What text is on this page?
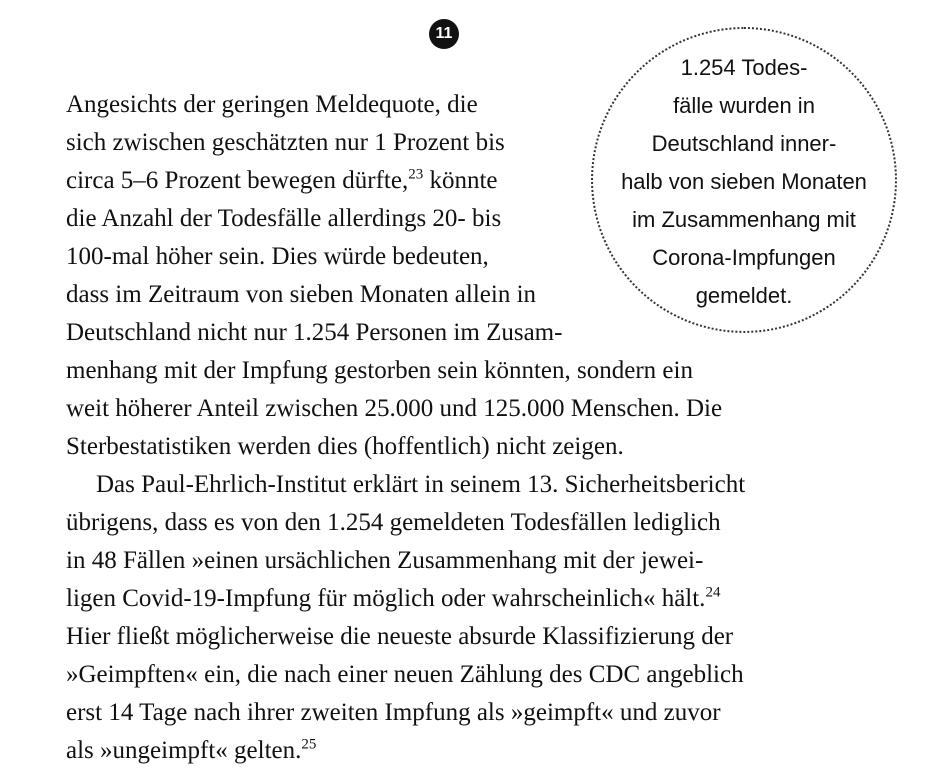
11
1.254 Todes-
fälle wurden in
Deutschland inner-
halb von sieben Monaten
im Zusammenhang mit
Corona-Impfungen
gemeldet.
Angesichts der geringen Meldequote, die
sich zwischen geschätzten nur 1 Prozent bis
circa 5–6 Prozent bewegen dürfte,$^{23}$ könnte
die Anzahl der Todesfälle allerdings 20- bis
100-mal höher sein. Dies würde bedeuten,
dass im Zeitraum von sieben Monaten allein in
Deutschland nicht nur 1.254 Personen im Zusam-
menhang mit der Impfung gestorben sein könnten, sondern ein
weit höherer Anteil zwischen 25.000 und 125.000 Menschen. Die
Sterbestatistiken werden dies (hoffentlich) nicht zeigen.
Das Paul-Ehrlich-Institut erklärt in seinem 13. Sicherheitsbericht
übrigens, dass es von den 1.254 gemeldeten Todesfällen lediglich
in 48 Fällen »einen ursächlichen Zusammenhang mit der jewei-
ligen Covid-19-Impfung für möglich oder wahrscheinlich« hält.$^{24}$
Hier fließt möglicherweise die neueste absurde Klassifizierung der
»Geimpften« ein, die nach einer neuen Zählung des CDC angeblich
erst 14 Tage nach ihrer zweiten Impfung als »geimpft« und zuvor
als »ungeimpft« gelten.$^{25}$
